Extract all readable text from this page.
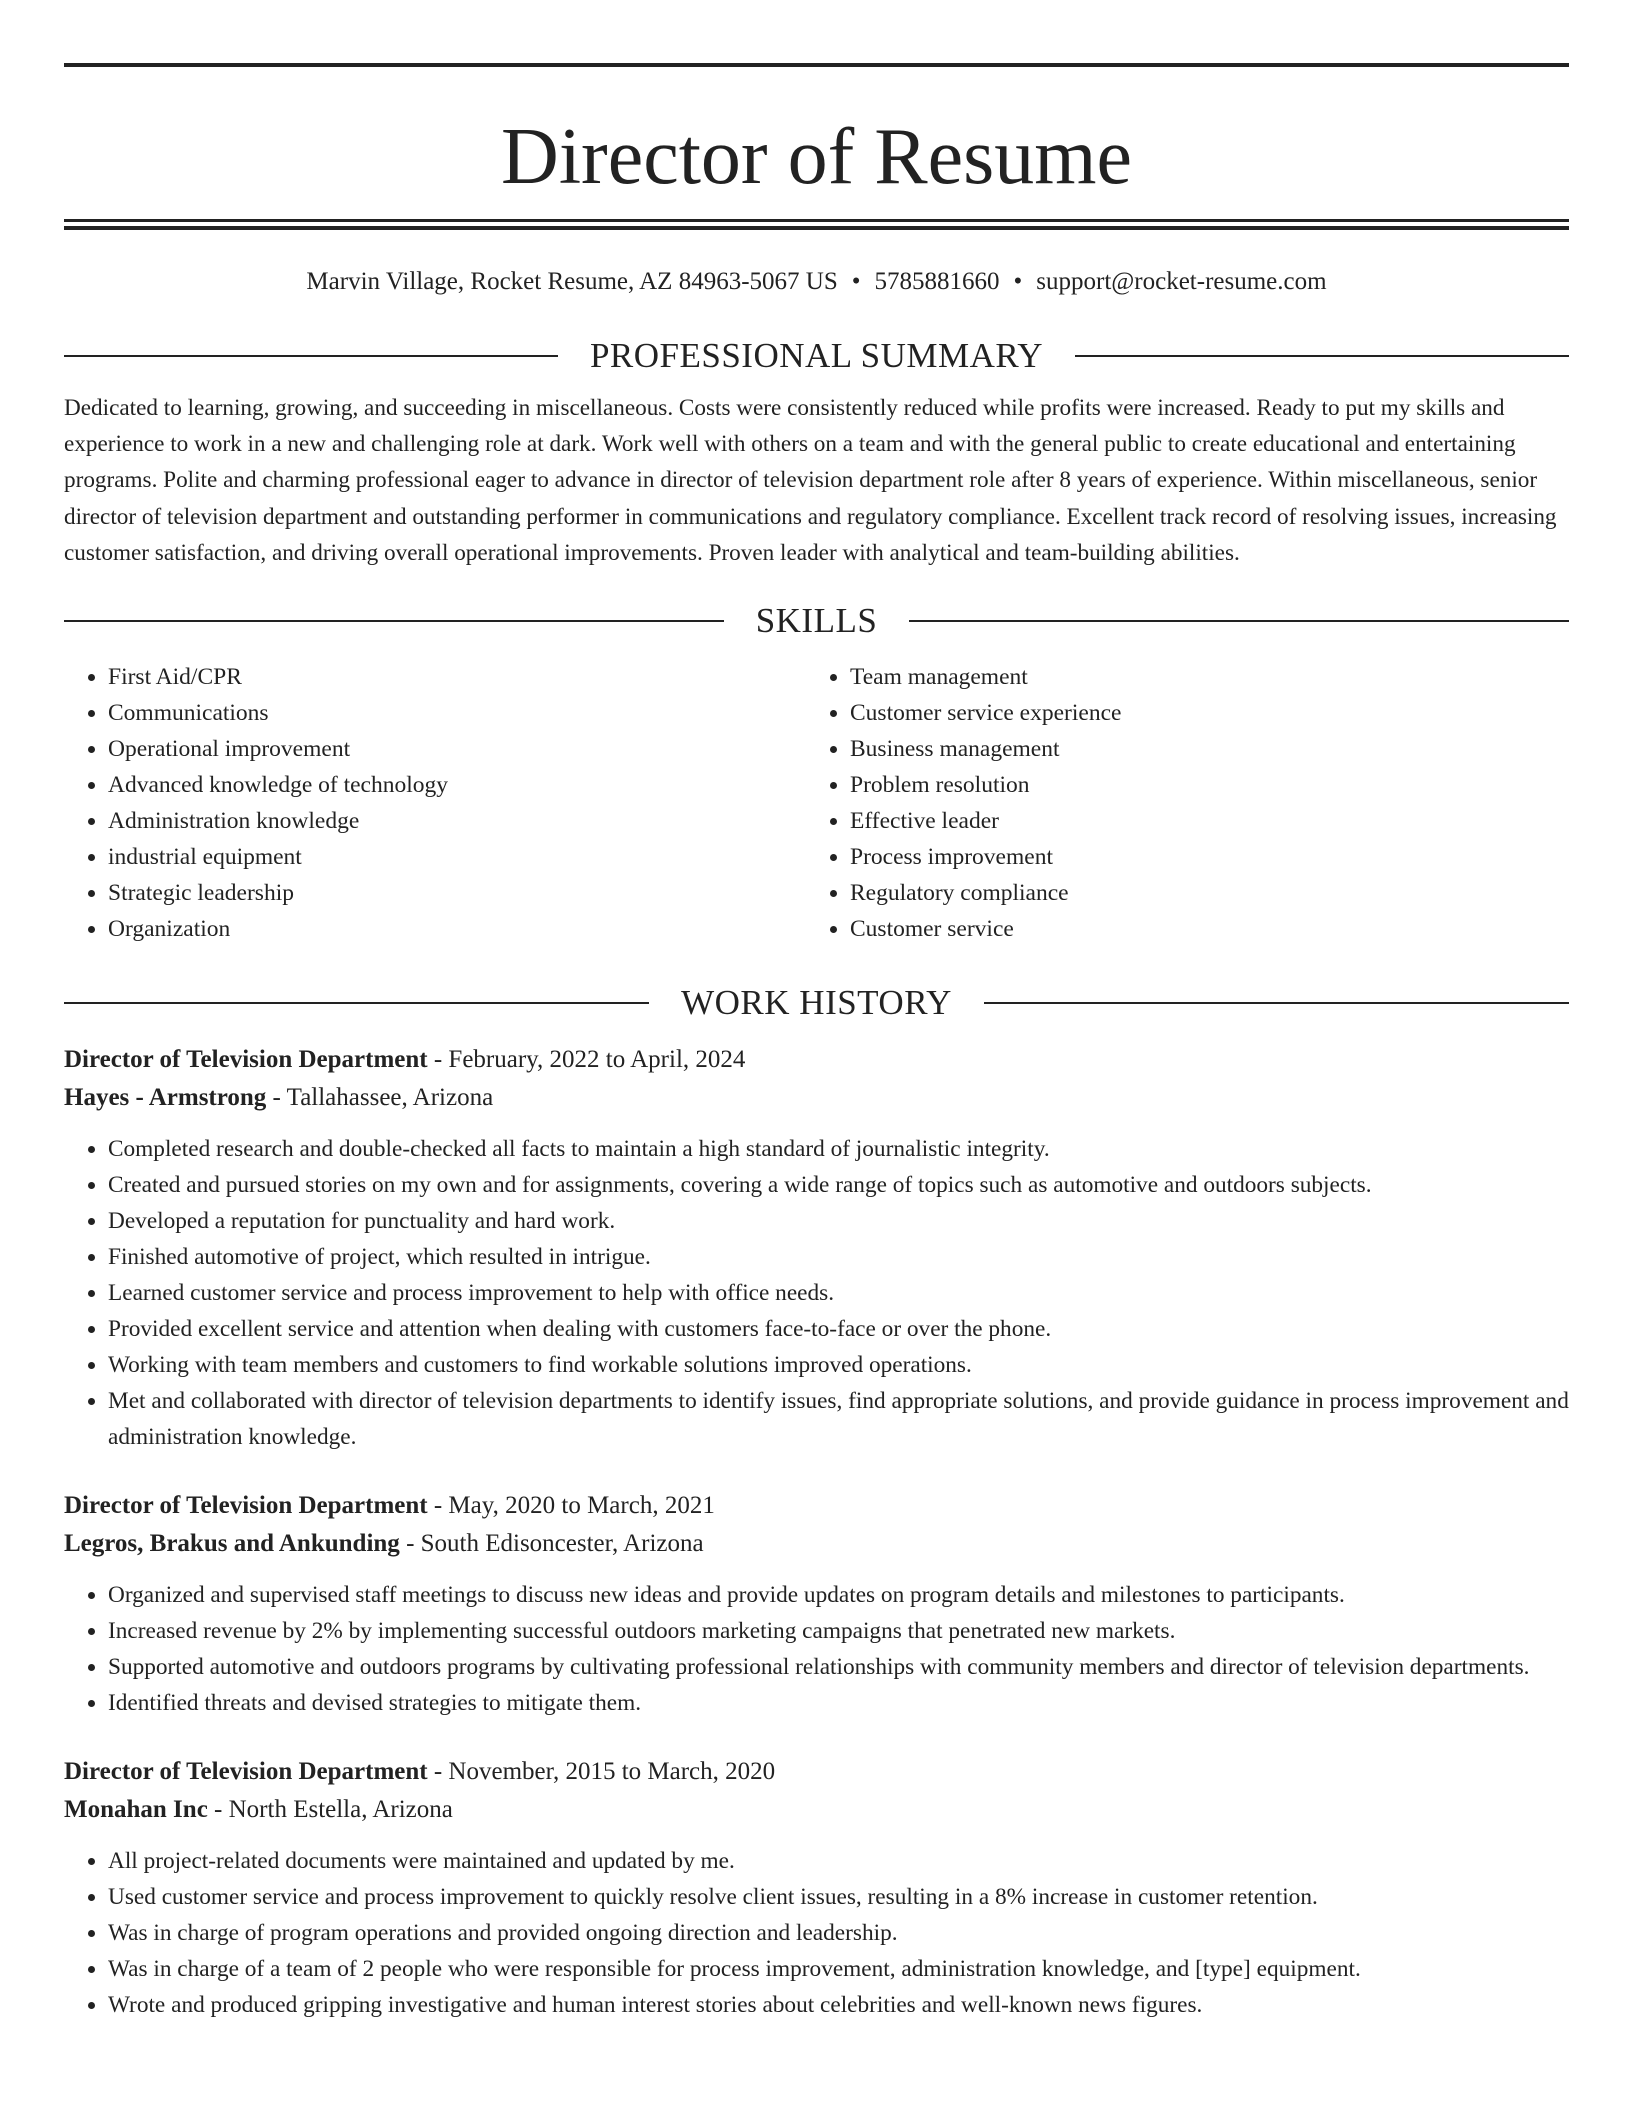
Director of Resume
Marvin Village, Rocket Resume, AZ 84963-5067 US • 5785881660 • support@rocket-resume.com
PROFESSIONAL SUMMARY
Dedicated to learning, growing, and succeeding in miscellaneous. Costs were consistently reduced while profits were increased. Ready to put my skills and experience to work in a new and challenging role at dark. Work well with others on a team and with the general public to create educational and entertaining programs. Polite and charming professional eager to advance in director of television department role after 8 years of experience. Within miscellaneous, senior director of television department and outstanding performer in communications and regulatory compliance. Excellent track record of resolving issues, increasing customer satisfaction, and driving overall operational improvements. Proven leader with analytical and team-building abilities.
SKILLS
• First Aid/CPR
• Communications
• Operational improvement
• Advanced knowledge of technology
• Administration knowledge
• industrial equipment
• Strategic leadership
• Organization
• Team management
• Customer service experience
• Business management
• Problem resolution
• Effective leader
• Process improvement
• Regulatory compliance
• Customer service
WORK HISTORY
Director of Television Department - February, 2022 to April, 2024
Hayes - Armstrong - Tallahassee, Arizona
• Completed research and double-checked all facts to maintain a high standard of journalistic integrity.
• Created and pursued stories on my own and for assignments, covering a wide range of topics such as automotive and outdoors subjects.
• Developed a reputation for punctuality and hard work.
• Finished automotive of project, which resulted in intrigue.
• Learned customer service and process improvement to help with office needs.
• Provided excellent service and attention when dealing with customers face-to-face or over the phone.
• Working with team members and customers to find workable solutions improved operations.
• Met and collaborated with director of television departments to identify issues, find appropriate solutions, and provide guidance in process improvement and administration knowledge.
Director of Television Department - May, 2020 to March, 2021
Legros, Brakus and Ankunding - South Edisoncester, Arizona
• Organized and supervised staff meetings to discuss new ideas and provide updates on program details and milestones to participants.
• Increased revenue by 2% by implementing successful outdoors marketing campaigns that penetrated new markets.
• Supported automotive and outdoors programs by cultivating professional relationships with community members and director of television departments.
• Identified threats and devised strategies to mitigate them.
Director of Television Department - November, 2015 to March, 2020
Monahan Inc - North Estella, Arizona
• All project-related documents were maintained and updated by me.
• Used customer service and process improvement to quickly resolve client issues, resulting in a 8% increase in customer retention.
• Was in charge of program operations and provided ongoing direction and leadership.
• Was in charge of a team of 2 people who were responsible for process improvement, administration knowledge, and [type] equipment.
• Wrote and produced gripping investigative and human interest stories about celebrities and well-known news figures.
